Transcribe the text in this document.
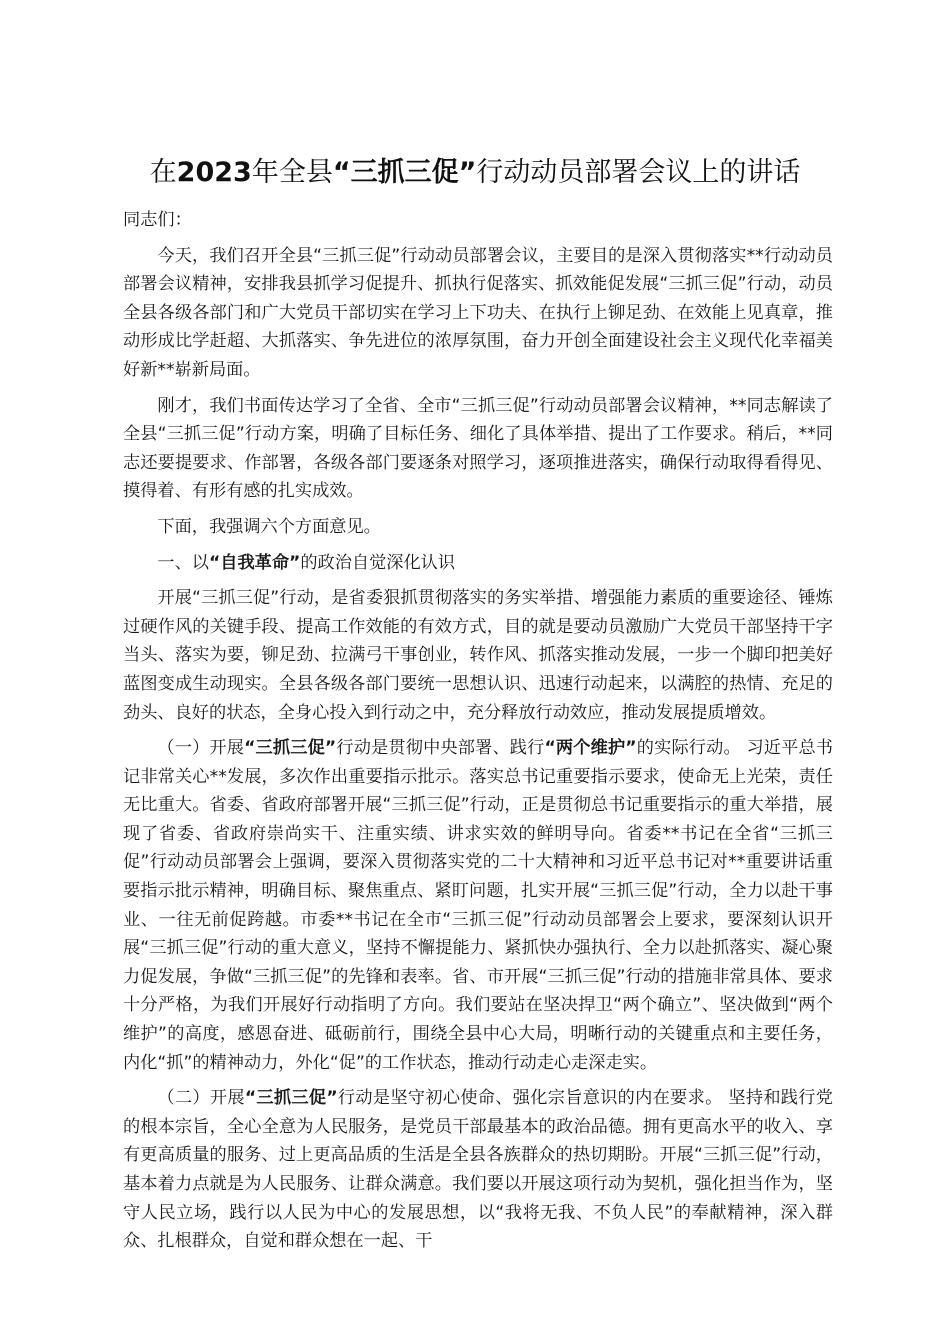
在2023年全县“三抓三促”行动动员部署会议上的讲话

同志们：

今天，我们召开全县“三抓三促”行动动员部署会议，主要目的是深入贯彻落实**行动动员部署会议精神，安排我县抓学习促提升、抓执行促落实、抓效能促发展“三抓三促”行动，动员全县各级各部门和广大党员干部切实在学习上下功夫、在执行上铆足劲、在效能上见真章，推动形成比学赶超、大抓落实、争先进位的浓厚氛围，奋力开创全面建设社会主义现代化幸福美好新**崭新局面。

刚才，我们书面传达学习了全省、全市“三抓三促”行动动员部署会议精神，**同志解读了全县“三抓三促”行动方案，明确了目标任务、细化了具体举措、提出了工作要求。稍后，**同志还要提要求、作部署，各级各部门要逐条对照学习，逐项推进落实，确保行动取得看得见、摸得着、有形有感的扎实成效。

下面，我强调六个方面意见。

一、以“自我革命”的政治自觉深化认识

开展“三抓三促”行动，是省委狠抓贯彻落实的务实举措、增强能力素质的重要途径、锤炼过硬作风的关键手段、提高工作效能的有效方式，目的就是要动员激励广大党员干部坚持干字当头、落实为要，铆足劲、拉满弓干事创业，转作风、抓落实推动发展，一步一个脚印把美好蓝图变成生动现实。全县各级各部门要统一思想认识、迅速行动起来，以满腔的热情、充足的劲头、良好的状态，全身心投入到行动之中，充分释放行动效应，推动发展提质增效。

（一）开展“三抓三促”行动是贯彻中央部署、践行“两个维护”的实际行动。 习近平总书记非常关心**发展，多次作出重要指示批示。落实总书记重要指示要求，使命无上光荣，责任无比重大。省委、省政府部署开展“三抓三促”行动，正是贯彻总书记重要指示的重大举措，展现了省委、省政府崇尚实干、注重实绩、讲求实效的鲜明导向。省委**书记在全省“三抓三促”行动动员部署会上强调，要深入贯彻落实党的二十大精神和习近平总书记对**重要讲话重要指示批示精神，明确目标、聚焦重点、紧盯问题，扎实开展“三抓三促”行动，全力以赴干事业、一往无前促跨越。市委**书记在全市“三抓三促”行动动员部署会上要求，要深刻认识开展“三抓三促”行动的重大意义，坚持不懈提能力、紧抓快办强执行、全力以赴抓落实、凝心聚力促发展，争做“三抓三促”的先锋和表率。省、市开展“三抓三促”行动的措施非常具体、要求十分严格，为我们开展好行动指明了方向。我们要站在坚决捍卫“两个确立”、坚决做到“两个维护”的高度，感恩奋进、砥砺前行，围绕全县中心大局，明晰行动的关键重点和主要任务，内化“抓”的精神动力，外化“促”的工作状态，推动行动走心走深走实。

（二）开展“三抓三促”行动是坚守初心使命、强化宗旨意识的内在要求。 坚持和践行党的根本宗旨，全心全意为人民服务，是党员干部最基本的政治品德。拥有更高水平的收入、享有更高质量的服务、过上更高品质的生活是全县各族群众的热切期盼。开展“三抓三促”行动，基本着力点就是为人民服务、让群众满意。我们要以开展这项行动为契机，强化担当作为，坚守人民立场，践行以人民为中心的发展思想，以“我将无我、不负人民”的奉献精神，深入群众、扎根群众，自觉和群众想在一起、干
